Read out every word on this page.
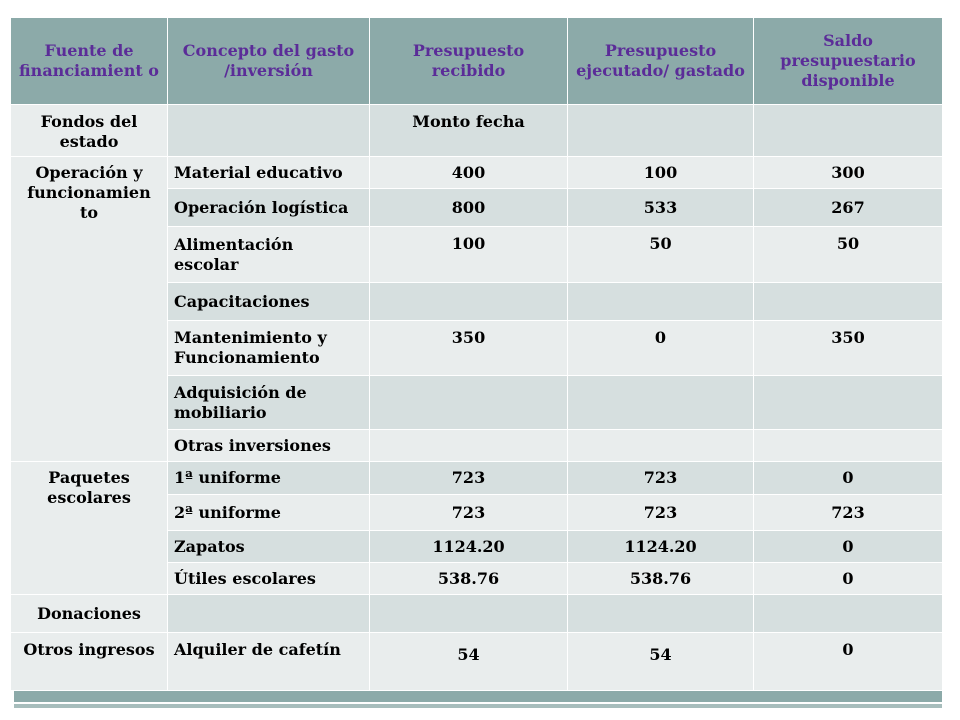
Fuente de financiamient o	Concepto del gasto /inversión	Presupuesto recibido	Presupuesto ejecutado/ gastado	Saldo presupuestario disponible
Fondos del estado		Monto fecha		
Operación y funcionamien to	Material educativo	400	100	300
	Operación logística	800	533	267
	Alimentación escolar	100	50	50
	Capacitaciones			
	Mantenimiento y Funcionamiento	350	0	350
	Adquisición de mobiliario			
	Otras inversiones			
Paquetes escolares	1ª uniforme	723	723	0
	2ª uniforme	723	723	723
	Zapatos	1124.20	1124.20	0
	Útiles escolares	538.76	538.76	0
Donaciones				
Otros ingresos	Alquiler de cafetín	54	54	0
